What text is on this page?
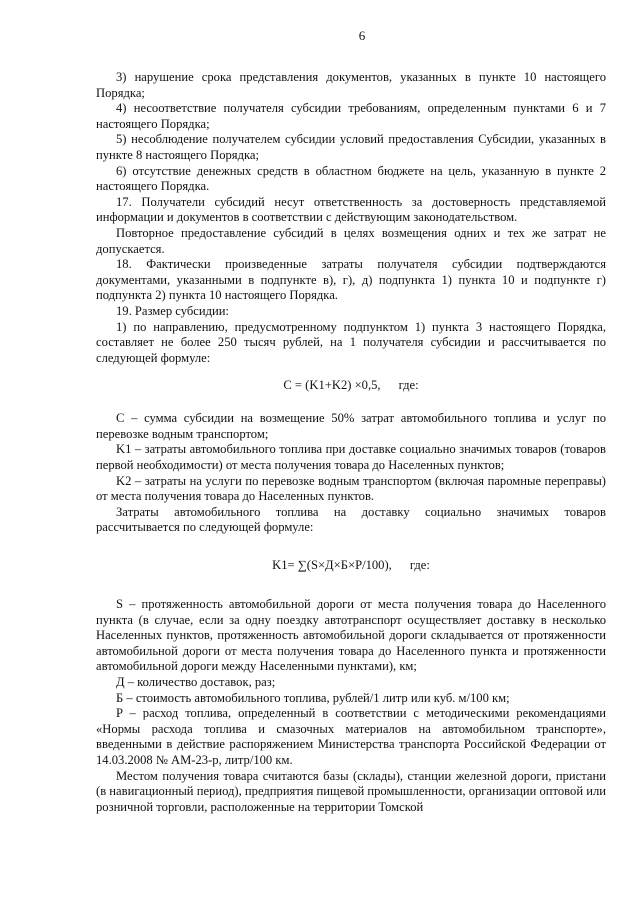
6

3) нарушение срока представления документов, указанных в пункте 10 настоящего Порядка;

4) несоответствие получателя субсидии требованиям, определенным пунктами 6 и 7 настоящего Порядка;

5) несоблюдение получателем субсидии условий предоставления Субсидии, указанных в пункте 8 настоящего Порядка;

6) отсутствие денежных средств в областном бюджете на цель, указанную в пункте 2 настоящего Порядка.

17. Получатели субсидий несут ответственность за достоверность представляемой информации и документов в соответствии с действующим законодательством.

Повторное предоставление субсидий в целях возмещения одних и тех же затрат не допускается.

18. Фактически произведенные затраты получателя субсидии подтверждаются документами, указанными в подпункте в), г), д) подпункта 1) пункта 10 и подпункте г) подпункта 2) пункта 10 настоящего Порядка.

19. Размер субсидии:

1) по направлению, предусмотренному подпунктом 1) пункта 3 настоящего Порядка, составляет не более 250 тысяч рублей, на 1 получателя субсидии и рассчитывается по следующей формуле:

C = (K1+K2) ×0,5, где:

C – сумма субсидии на возмещение 50% затрат автомобильного топлива и услуг по перевозке водным транспортом;

K1 – затраты автомобильного топлива при доставке социально значимых товаров (товаров первой необходимости) от места получения товара до Населенных пунктов;

K2 – затраты на услуги по перевозке водным транспортом (включая паромные переправы) от места получения товара до Населенных пунктов.

Затраты автомобильного топлива на доставку социально значимых товаров рассчитывается по следующей формуле:

K1= ∑(S×Д×Б×P/100), где:

S – протяженность автомобильной дороги от места получения товара до Населенного пункта (в случае, если за одну поездку автотранспорт осуществляет доставку в несколько Населенных пунктов, протяженность автомобильной дороги складывается от протяженности автомобильной дороги от места получения товара до Населенного пункта и протяженности автомобильной дороги между Населенными пунктами), км;

Д – количество доставок, раз;

Б – стоимость автомобильного топлива, рублей/1 литр или куб. м/100 км;

P – расход топлива, определенный в соответствии с методическими рекомендациями «Нормы расхода топлива и смазочных материалов на автомобильном транспорте», введенными в действие распоряжением Министерства транспорта Российской Федерации от 14.03.2008 № АМ-23-р, литр/100 км.

Местом получения товара считаются базы (склады), станции железной дороги, пристани (в навигационный период), предприятия пищевой промышленности, организации оптовой или розничной торговли, расположенные на территории Томской
